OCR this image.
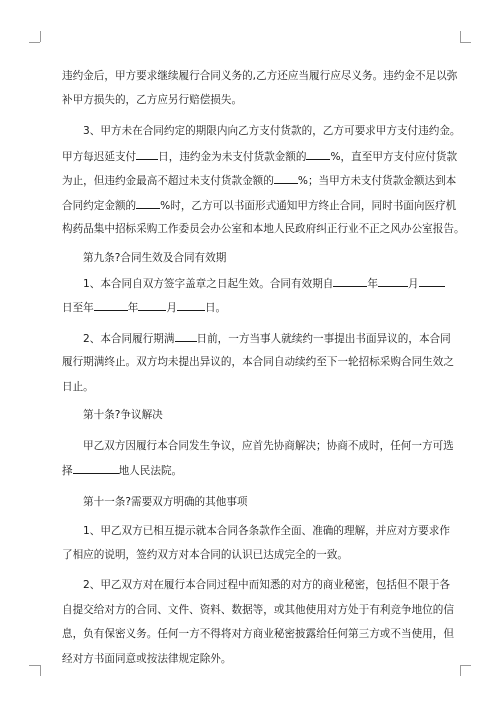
违约金后，甲方要求继续履行合同义务的,乙方还应当履行应尽义务。违约金不足以弥
补甲方损失的，乙方应另行赔偿损失。
3、甲方未在合同约定的期限内向乙方支付货款的，乙方可要求甲方支付违约金。
甲方每迟延支付 日，违约金为未支付货款金额的 %，直至甲方支付应付货款
为止，但违约金最高不超过未支付货款金额的 %；当甲方未支付货款金额达到本
合同约定金额的 %时，乙方可以书面形式通知甲方终止合同，同时书面向医疗机
构药品集中招标采购工作委员会办公室和本地人民政府纠正行业不正之风办公室报告。
第九条?合同生效及合同有效期
1、本合同自双方签字盖章之日起生效。合同有效期自	年	月
日至年	年	月	日。
2、本合同履行期满 日前，一方当事人就续约一事提出书面异议的，本合同
履行期满终止。双方均未提出异议的，本合同自动续约至下一轮招标采购合同生效之
日止。
第十条?争议解决
甲乙双方因履行本合同发生争议，应首先协商解决；协商不成时，任何一方可选
择	地人民法院。
第十一条?需要双方明确的其他事项
1、甲乙双方已相互提示就本合同各条款作全面、准确的理解，并应对方要求作
了相应的说明，签约双方对本合同的认识已达成完全的一致。
2、甲乙双方对在履行本合同过程中而知悉的对方的商业秘密，包括但不限于各
自提交给对方的合同、文件、资料、数据等，或其他使用对方处于有利竞争地位的信
息，负有保密义务。任何一方不得将对方商业秘密披露给任何第三方或不当使用，但
经对方书面同意或按法律规定除外。
